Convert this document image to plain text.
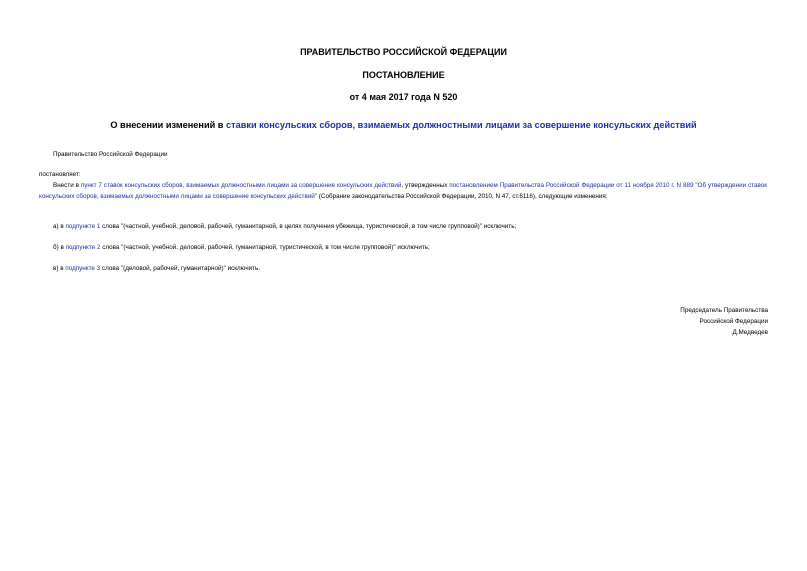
ПРАВИТЕЛЬСТВО РОССИЙСКОЙ ФЕДЕРАЦИИ
ПОСТАНОВЛЕНИЕ
от 4 мая 2017 года N 520
О внесении изменений в ставки консульских сборов, взимаемых должностными лицами за совершение консульских действий
Правительство Российской Федерации
постановляет:
Внести в пункт 7 ставок консульских сборов, взимаемых должностными лицами за совершение консульских действий, утвержденных постановлением Правительства Российской Федерации от 11 ноября 2010 г. N 889 "Об утверждении ставок консульских сборов, взимаемых должностными лицами за совершение консульских действий" (Собрание законодательства Российской Федерации, 2010, N 47, ст.6116), следующие изменения:
а) в подпункте 1 слова "(частной, учебной, деловой, рабочей, гуманитарной, в целях получения убежища, туристической, в том числе групповой)" исключить;
б) в подпункте 2 слова "(частной, учебной, деловой, рабочей, гуманитарной, туристической, в том числе групповой)" исключить;
в) в подпункте 3 слова "(деловой, рабочей, гуманитарной)" исключить.
Председатель Правительства
Российской Федерации
Д.Медведев
